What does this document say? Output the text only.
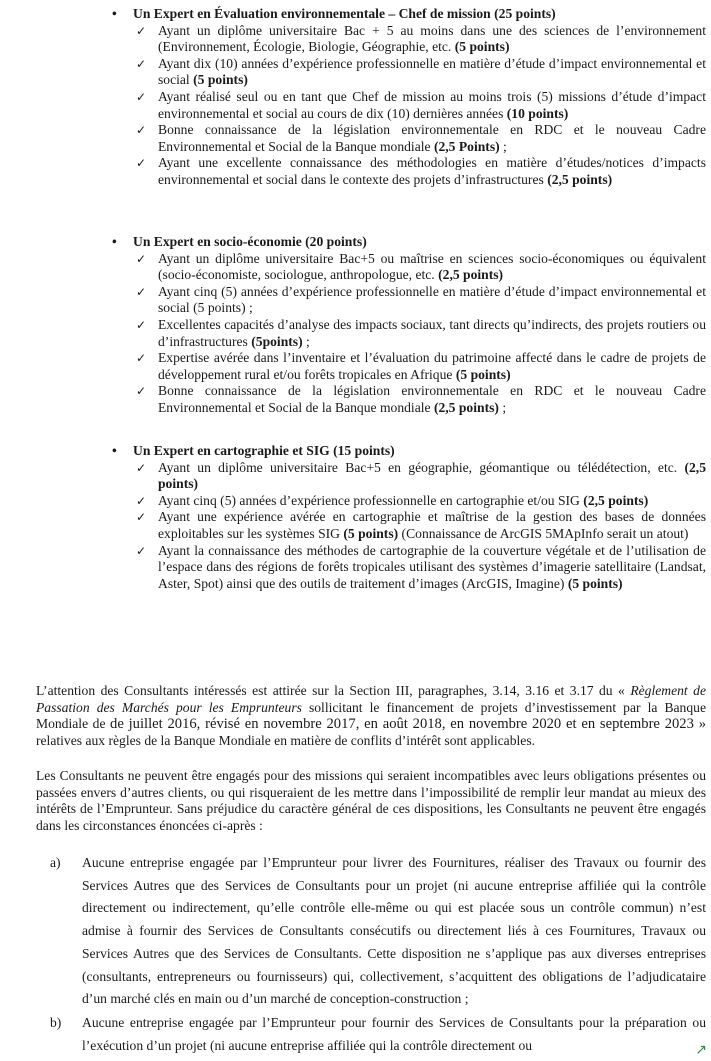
• Un Expert en Évaluation environnementale – Chef de mission (25 points)
✓ Ayant un diplôme universitaire Bac + 5 au moins dans une des sciences de l’environnement (Environnement, Écologie, Biologie, Géographie, etc. (5 points)
✓ Ayant dix (10) années d’expérience professionnelle en matière d’étude d’impact environnemental et social (5 points)
✓ Ayant réalisé seul ou en tant que Chef de mission au moins trois (5) missions d’étude d’impact environnemental et social au cours de dix (10) dernières années (10 points)
✓ Bonne connaissance de la législation environnementale en RDC et le nouveau Cadre Environnemental et Social de la Banque mondiale (2,5 Points) ;
✓ Ayant une excellente connaissance des méthodologies en matière d’études/notices d’impacts environnemental et social dans le contexte des projets d’infrastructures (2,5 points)
• Un Expert en socio-économie (20 points)
✓ Ayant un diplôme universitaire Bac+5 ou maîtrise en sciences socio-économiques ou équivalent (socio-économiste, sociologue, anthropologue, etc. (2,5 points)
✓ Ayant cinq (5) années d’expérience professionnelle en matière d’étude d’impact environnemental et social (5 points) ;
✓ Excellentes capacités d’analyse des impacts sociaux, tant directs qu’indirects, des projets routiers ou d’infrastructures (5points) ;
✓ Expertise avérée dans l’inventaire et l’évaluation du patrimoine affecté dans le cadre de projets de développement rural et/ou forêts tropicales en Afrique (5 points)
✓ Bonne connaissance de la législation environnementale en RDC et le nouveau Cadre Environnemental et Social de la Banque mondiale (2,5 points) ;
• Un Expert en cartographie et SIG (15 points)
✓ Ayant un diplôme universitaire Bac+5 en géographie, géomantique ou télédétection, etc. (2,5 points)
✓ Ayant cinq (5) années d’expérience professionnelle en cartographie et/ou SIG (2,5 points)
✓ Ayant une expérience avérée en cartographie et maîtrise de la gestion des bases de données exploitables sur les systèmes SIG (5 points) (Connaissance de ArcGIS 5MApInfo serait un atout)
✓ Ayant la connaissance des méthodes de cartographie de la couverture végétale et de l’utilisation de l’espace dans des régions de forêts tropicales utilisant des systèmes d’imagerie satellitaire (Landsat, Aster, Spot) ainsi que des outils de traitement d’images (ArcGIS, Imagine) (5 points)
L’attention des Consultants intéressés est attirée sur la Section III, paragraphes, 3.14, 3.16 et 3.17 du « Règlement de Passation des Marchés pour les Emprunteurs sollicitant le financement de projets d’investissement par la Banque Mondiale de de juillet 2016, révisé en novembre 2017, en août 2018, en novembre 2020 et en septembre 2023 » relatives aux règles de la Banque Mondiale en matière de conflits d’intérêt sont applicables.
Les Consultants ne peuvent être engagés pour des missions qui seraient incompatibles avec leurs obligations présentes ou passées envers d’autres clients, ou qui risqueraient de les mettre dans l’impossibilité de remplir leur mandat au mieux des intérêts de l’Emprunteur. Sans préjudice du caractère général de ces dispositions, les Consultants ne peuvent être engagés dans les circonstances énoncées ci-après :
a) Aucune entreprise engagée par l’Emprunteur pour livrer des Fournitures, réaliser des Travaux ou fournir des Services Autres que des Services de Consultants pour un projet (ni aucune entreprise affiliée qui la contrôle directement ou indirectement, qu’elle contrôle elle-même ou qui est placée sous un contrôle commun) n’est admise à fournir des Services de Consultants consécutifs ou directement liés à ces Fournitures, Travaux ou Services Autres que des Services de Consultants. Cette disposition ne s’applique pas aux diverses entreprises (consultants, entrepreneurs ou fournisseurs) qui, collectivement, s’acquittent des obligations de l’adjudicataire d’un marché clés en main ou d’un marché de conception-construction ;
b) Aucune entreprise engagée par l’Emprunteur pour fournir des Services de Consultants pour la préparation ou l’exécution d’un projet (ni aucune entreprise affiliée qui la contrôle directement ou	↗
